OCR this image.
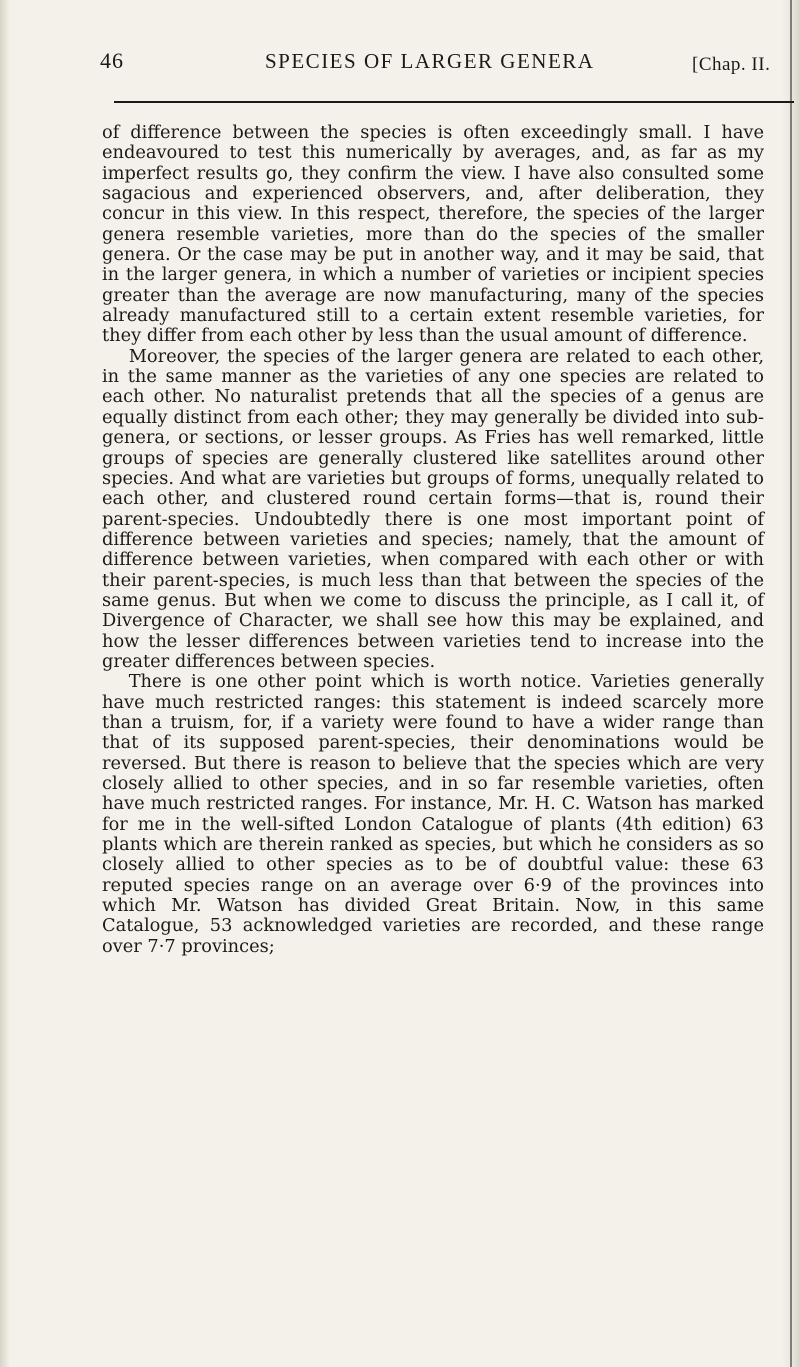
46	SPECIES OF LARGER GENERA	[Chap. II.

of difference between the species is often exceedingly small. I have endeavoured to test this numerically by averages, and, as far as my imperfect results go, they confirm the view. I have also consulted some sagacious and experienced observers, and, after deliberation, they concur in this view. In this respect, therefore, the species of the larger genera resemble varieties, more than do the species of the smaller genera. Or the case may be put in another way, and it may be said, that in the larger genera, in which a number of varieties or incipient species greater than the average are now manufacturing, many of the species already manufactured still to a certain extent resemble varieties, for they differ from each other by less than the usual amount of difference.

Moreover, the species of the larger genera are related to each other, in the same manner as the varieties of any one species are related to each other. No naturalist pretends that all the species of a genus are equally distinct from each other; they may generally be divided into sub-genera, or sections, or lesser groups. As Fries has well remarked, little groups of species are generally clustered like satellites around other species. And what are varieties but groups of forms, unequally related to each other, and clustered round certain forms—that is, round their parent-species. Undoubtedly there is one most important point of difference between varieties and species; namely, that the amount of difference between varieties, when compared with each other or with their parent-species, is much less than that between the species of the same genus. But when we come to discuss the principle, as I call it, of Divergence of Character, we shall see how this may be explained, and how the lesser differences between varieties tend to increase into the greater differences between species.

There is one other point which is worth notice. Varieties generally have much restricted ranges: this statement is indeed scarcely more than a truism, for, if a variety were found to have a wider range than that of its supposed parent-species, their denominations would be reversed. But there is reason to believe that the species which are very closely allied to other species, and in so far resemble varieties, often have much restricted ranges. For instance, Mr. H. C. Watson has marked for me in the well-sifted London Catalogue of plants (4th edition) 63 plants which are therein ranked as species, but which he considers as so closely allied to other species as to be of doubtful value: these 63 reputed species range on an average over 6·9 of the provinces into which Mr. Watson has divided Great Britain. Now, in this same Catalogue, 53 acknowledged varieties are recorded, and these range over 7·7 provinces;
